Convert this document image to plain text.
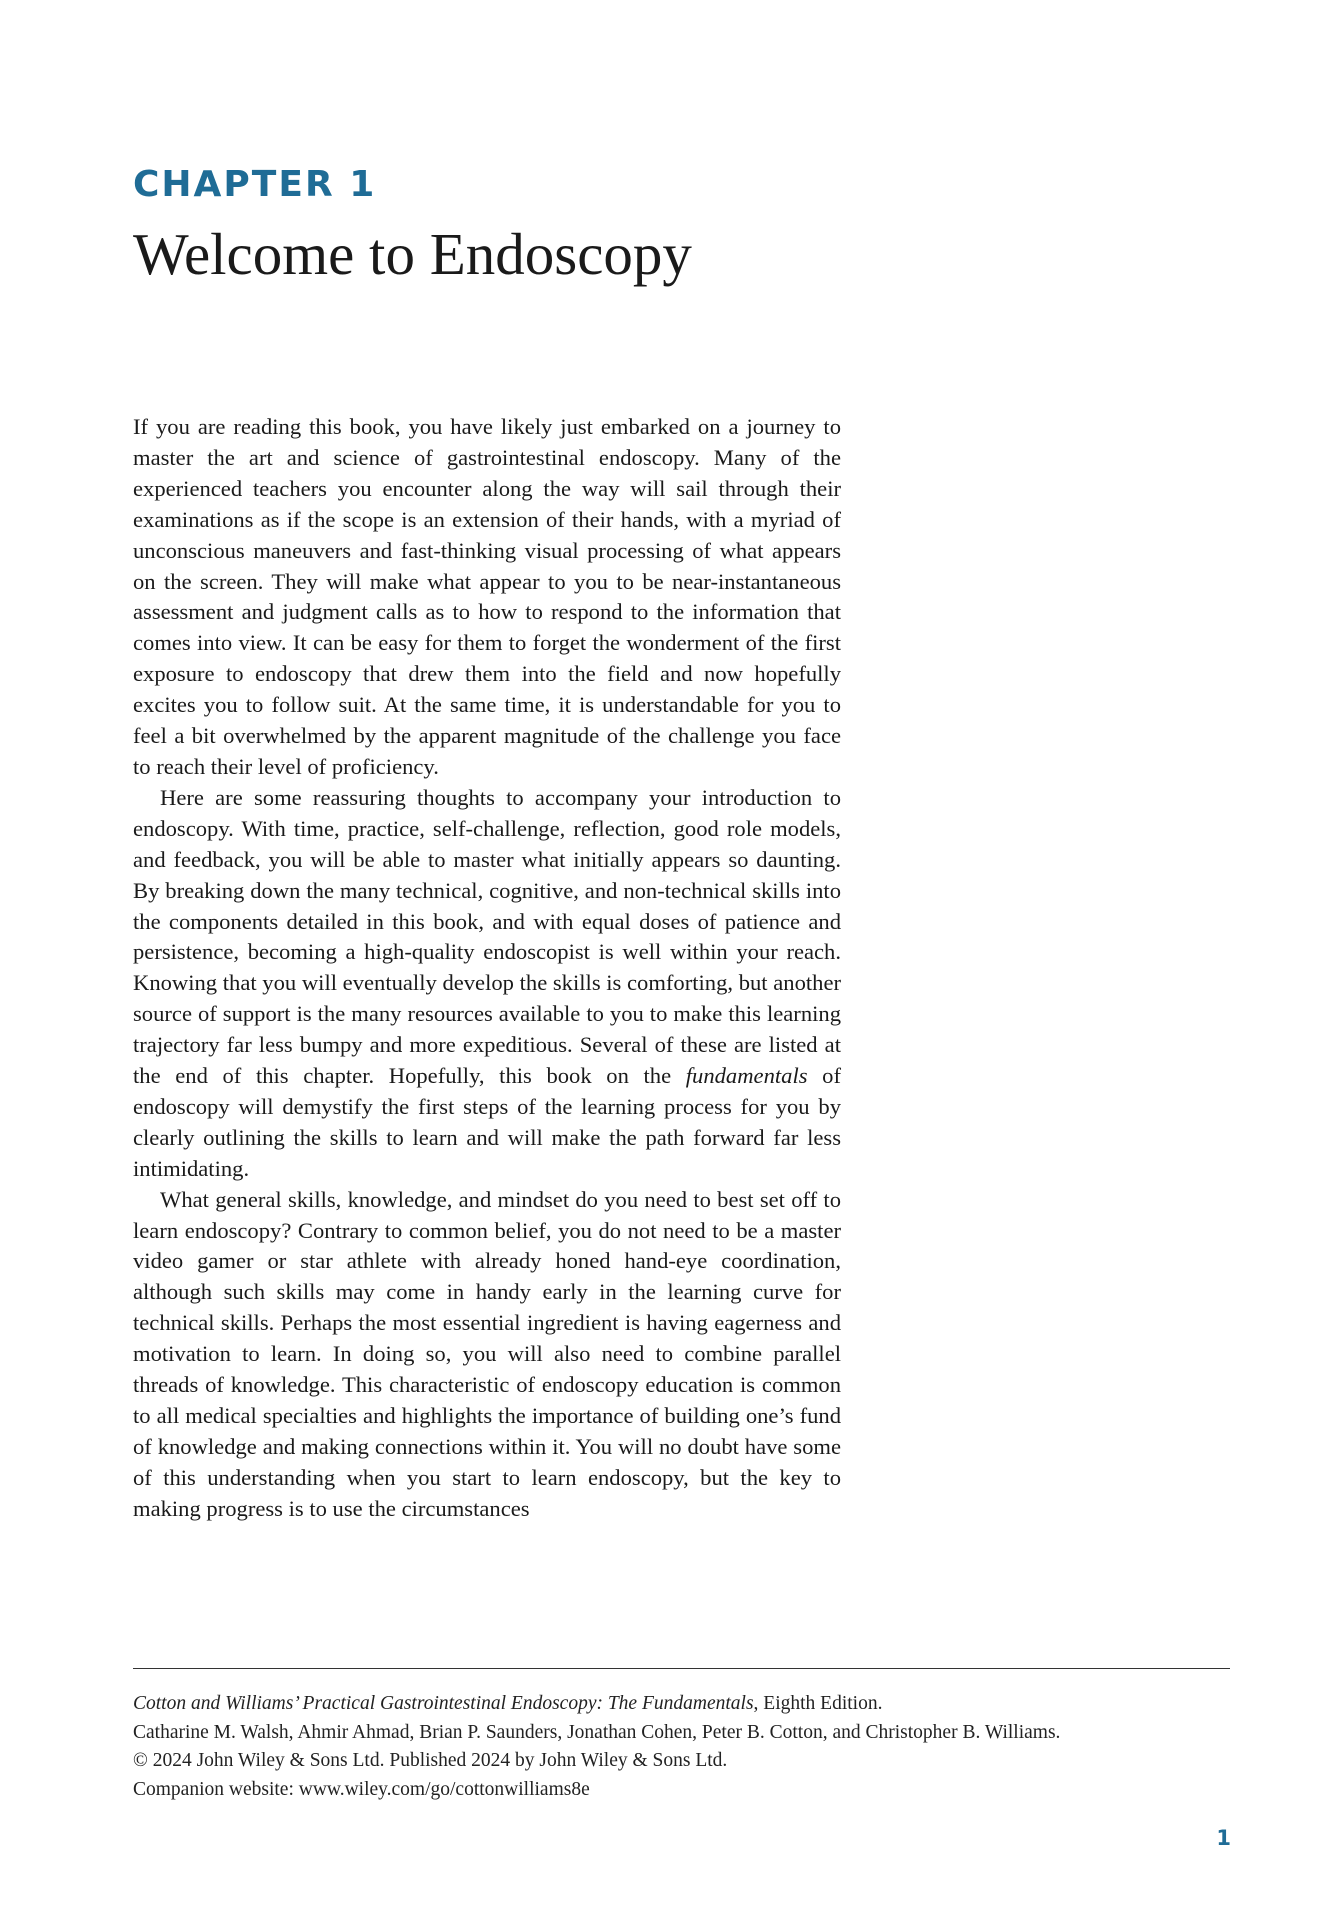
CHAPTER 1
Welcome to Endoscopy

If you are reading this book, you have likely just embarked on a journey to master the art and science of gastrointestinal endoscopy. Many of the experienced teachers you encounter along the way will sail through their examinations as if the scope is an extension of their hands, with a myriad of unconscious maneuvers and fast-thinking visual processing of what appears on the screen. They will make what appear to you to be near-instantaneous assessment and judgment calls as to how to respond to the information that comes into view. It can be easy for them to forget the wonderment of the first exposure to endoscopy that drew them into the field and now hopefully excites you to follow suit. At the same time, it is understandable for you to feel a bit overwhelmed by the apparent magnitude of the challenge you face to reach their level of proficiency.

Here are some reassuring thoughts to accompany your introduction to endoscopy. With time, practice, self-challenge, reflection, good role models, and feedback, you will be able to master what initially appears so daunting. By breaking down the many technical, cognitive, and non-technical skills into the components detailed in this book, and with equal doses of patience and persistence, becoming a high-quality endoscopist is well within your reach. Knowing that you will eventually develop the skills is comforting, but another source of support is the many resources available to you to make this learning trajectory far less bumpy and more expeditious. Several of these are listed at the end of this chapter. Hopefully, this book on the fundamentals of endoscopy will demystify the first steps of the learning process for you by clearly outlining the skills to learn and will make the path forward far less intimidating.

What general skills, knowledge, and mindset do you need to best set off to learn endoscopy? Contrary to common belief, you do not need to be a master video gamer or star athlete with already honed hand-eye coordination, although such skills may come in handy early in the learning curve for technical skills. Perhaps the most essential ingredient is having eagerness and motivation to learn. In doing so, you will also need to combine parallel threads of knowledge. This characteristic of endoscopy education is common to all medical specialties and highlights the importance of building one’s fund of knowledge and making connections within it. You will no doubt have some of this understanding when you start to learn endoscopy, but the key to making progress is to use the circumstances

Cotton and Williams’ Practical Gastrointestinal Endoscopy: The Fundamentals, Eighth Edition.
Catharine M. Walsh, Ahmir Ahmad, Brian P. Saunders, Jonathan Cohen, Peter B. Cotton, and Christopher B. Williams.
© 2024 John Wiley & Sons Ltd. Published 2024 by John Wiley & Sons Ltd.
Companion website: www.wiley.com/go/cottonwilliams8e
1
